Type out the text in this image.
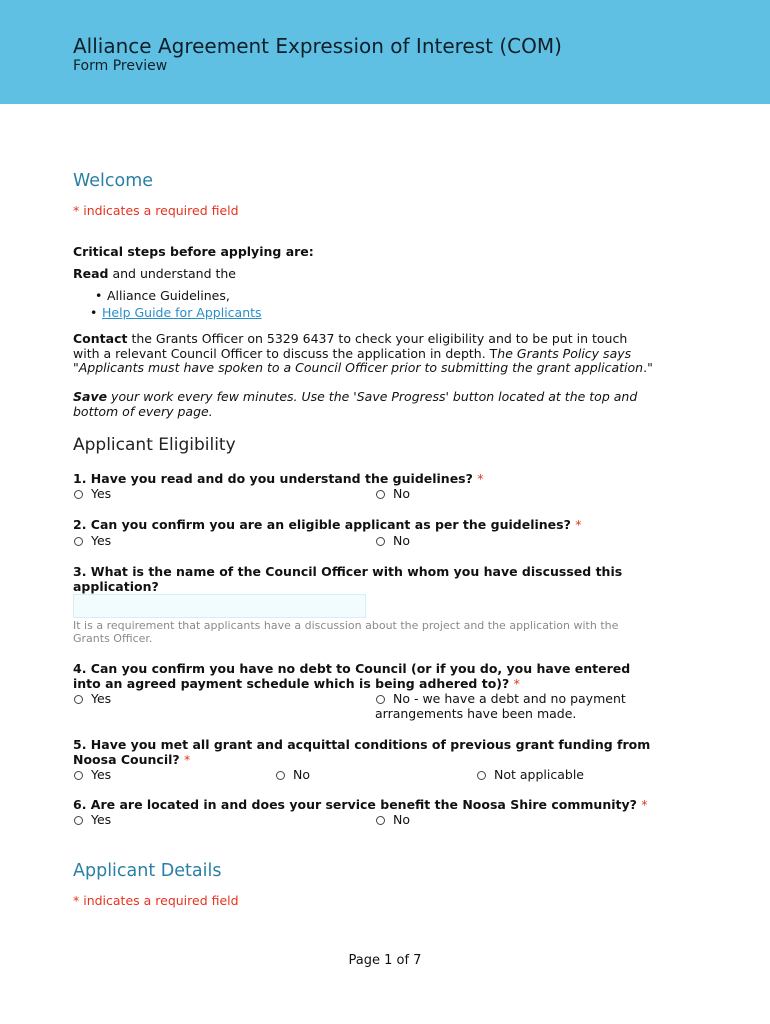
Alliance Agreement Expression of Interest (COM)
Form Preview
Welcome
* indicates a required field
Critical steps before applying are:
Read and understand the
• Alliance Guidelines,
• Help Guide for Applicants
Contact the Grants Officer on 5329 6437 to check your eligibility and to be put in touch
with a relevant Council Officer to discuss the application in depth. The Grants Policy says
"Applicants must have spoken to a Council Officer prior to submitting the grant application."
Save your work every few minutes. Use the 'Save Progress' button located at the top and
bottom of every page.
Applicant Eligibility
1. Have you read and do you understand the guidelines? *
Yes	No
2. Can you confirm you are an eligible applicant as per the guidelines? *
Yes	No
3. What is the name of the Council Officer with whom you have discussed this
application?
It is a requirement that applicants have a discussion about the project and the application with the
Grants Officer.
4. Can you confirm you have no debt to Council (or if you do, you have entered
into an agreed payment schedule which is being adhered to)? *
Yes	No - we have a debt and no payment
arrangements have been made.
5. Have you met all grant and acquittal conditions of previous grant funding from
Noosa Council? *
Yes	No	Not applicable
6. Are are located in and does your service benefit the Noosa Shire community? *
Yes	No
Applicant Details
* indicates a required field
Page 1 of 7
